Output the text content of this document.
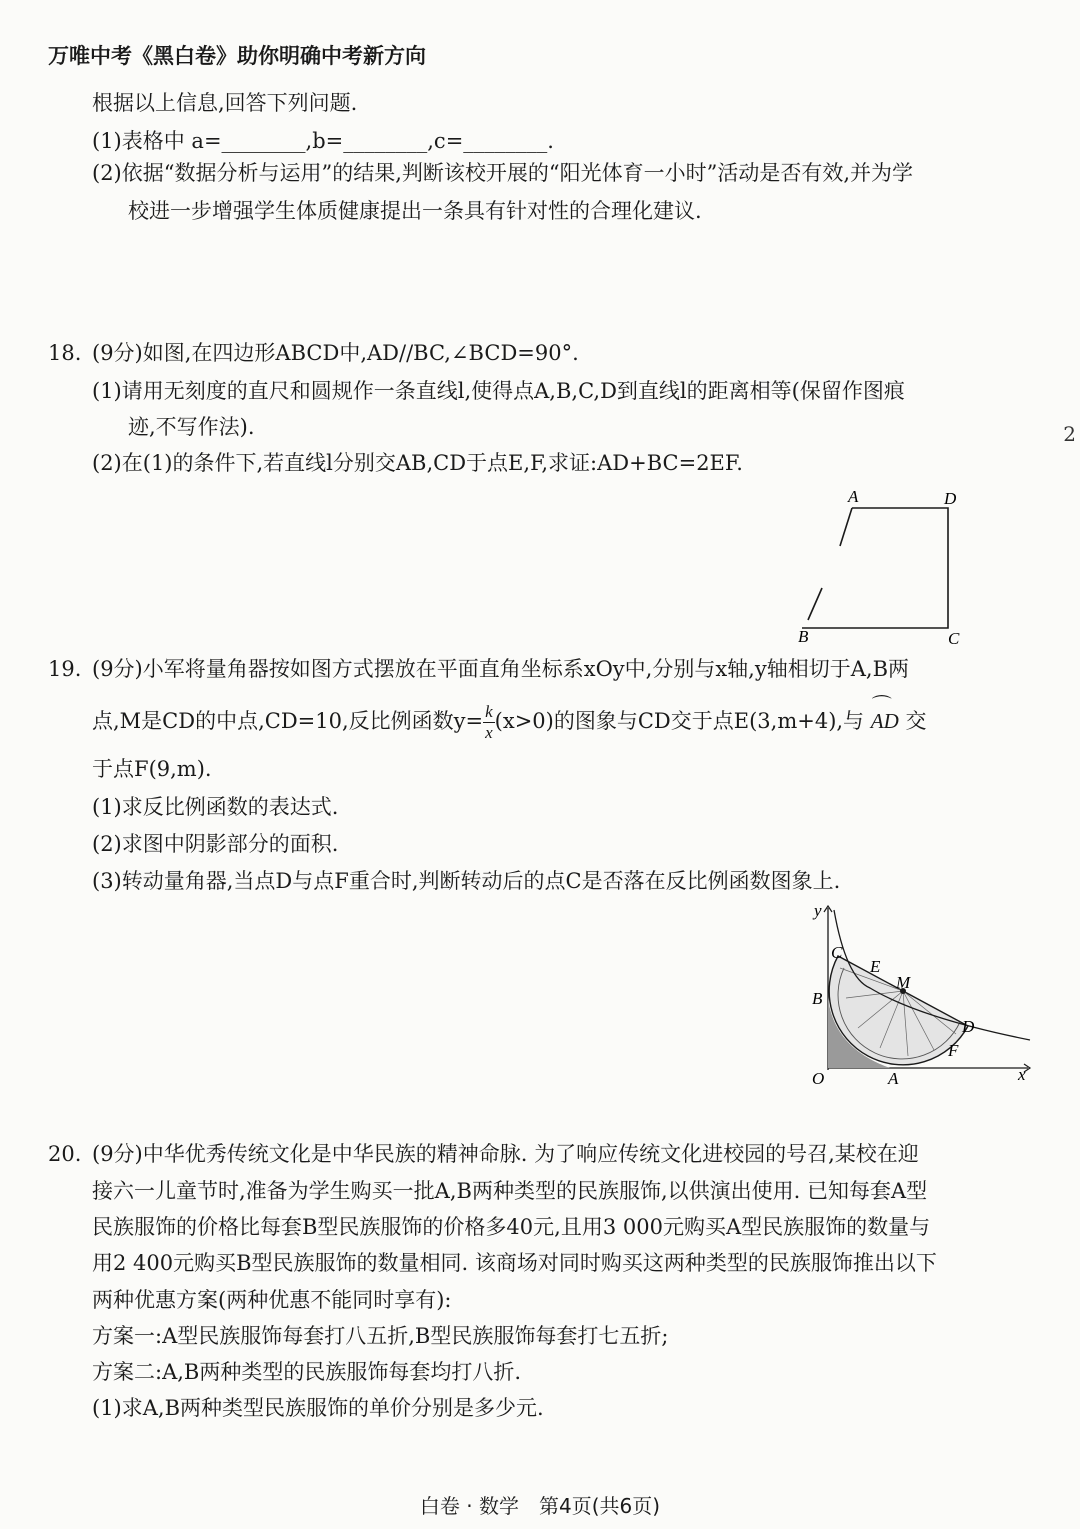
万唯中考《黑白卷》助你明确中考新方向
根据以上信息,回答下列问题.
(1)表格中 a=________,b=________,c=________.
(2)依据“数据分析与运用”的结果,判断该校开展的“阳光体育一小时”活动是否有效,并为学
校进一步增强学生体质健康提出一条具有针对性的合理化建议.
18. (9分)如图,在四边形ABCD中,AD//BC,∠BCD=90°.
(1)请用无刻度的直尺和圆规作一条直线l,使得点A,B,C,D到直线l的距离相等(保留作图痕
迹,不写作法).
(2)在(1)的条件下,若直线l分别交AB,CD于点E,F,求证:AD+BC=2EF.
A	D
B	C
19. (9分)小军将量角器按如图方式摆放在平面直角坐标系xOy中,分别与x轴,y轴相切于A,B两
点,M是CD的中点,CD=10,反比例函数$y= \frac{k}{x} (x>0)$的图象与CD交于点E(3,m+4),与 ⌒ AD 交
于点F(9,m).
(1)求反比例函数的表达式.
(2)求图中阴影部分的面积.
(3)转动量角器,当点D与点F重合时,判断转动后的点C是否落在反比例函数图象上.
y
x
O	A
B
C
E
M
D
F
20. (9分)中华优秀传统文化是中华民族的精神命脉. 为了响应传统文化进校园的号召,某校在迎
接六一儿童节时,准备为学生购买一批A,B两种类型的民族服饰,以供演出使用. 已知每套A型
民族服饰的价格比每套B型民族服饰的价格多40元,且用3 000元购买A型民族服饰的数量与
用2 400元购买B型民族服饰的数量相同. 该商场对同时购买这两种类型的民族服饰推出以下
两种优惠方案(两种优惠不能同时享有):
方案一:A型民族服饰每套打八五折,B型民族服饰每套打七五折;
方案二:A,B两种类型的民族服饰每套均打八折.
(1)求A,B两种类型民族服饰的单价分别是多少元.
白卷 · 数学　第4页(共6页)
2
